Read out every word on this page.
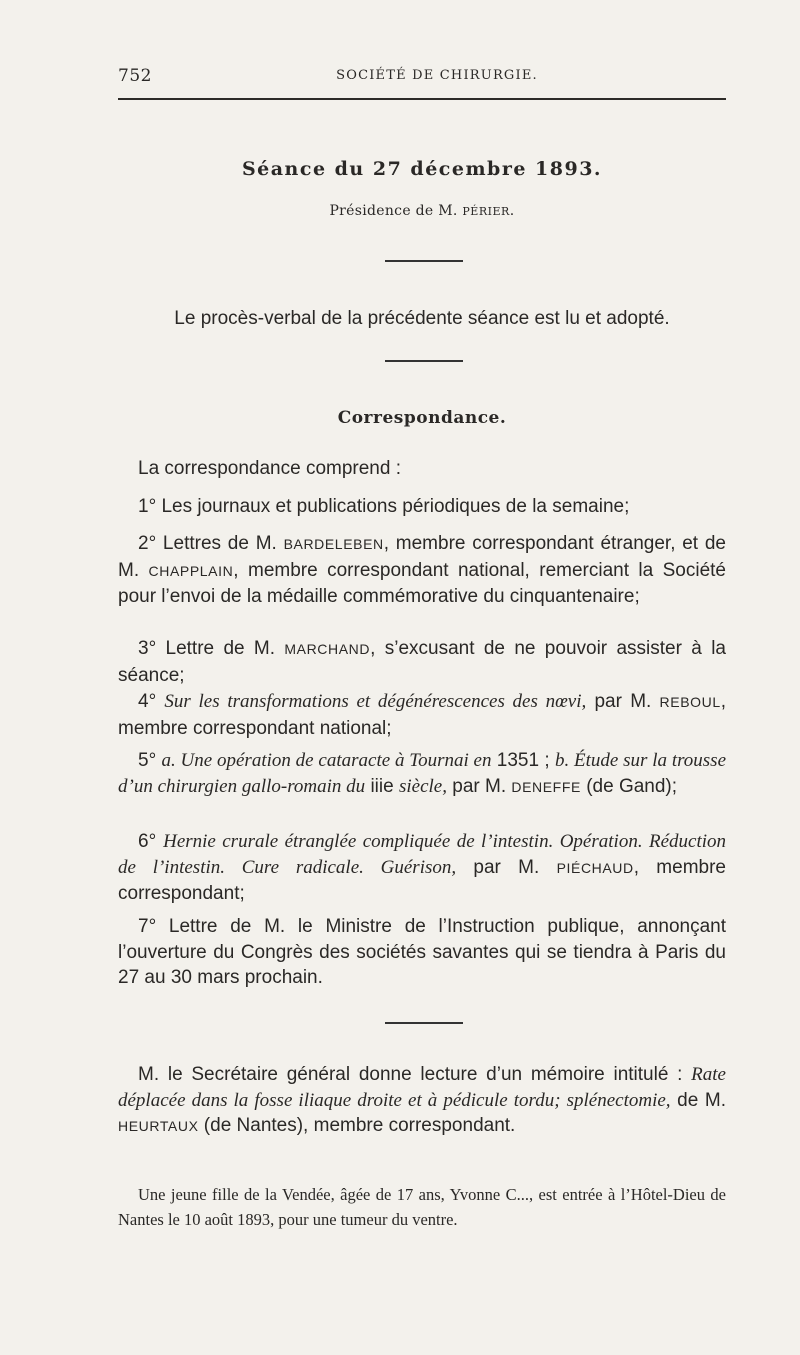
752	SOCIÉTÉ DE CHIRURGIE.
Séance du 27 décembre 1893.
Présidence de M. PÉRIER.
Le procès-verbal de la précédente séance est lu et adopté.
Correspondance.
La correspondance comprend :
1° Les journaux et publications périodiques de la semaine;
2° Lettres de M. BARDELEBEN, membre correspondant étranger, et de M. CHAPPLAIN, membre correspondant national, remerciant la Société pour l’envoi de la médaille commémorative du cinquantenaire;
3° Lettre de M. MARCHAND, s’excusant de ne pouvoir assister à la séance;
4° Sur les transformations et dégénérescences des nœvi, par M. REBOUL, membre correspondant national;
5° a. Une opération de cataracte à Tournai en 1351 ; b. Étude sur la trousse d’un chirurgien gallo-romain du iiie siècle, par M. DENEFFE (de Gand);
6° Hernie crurale étranglée compliquée de l’intestin. Opération. Réduction de l’intestin. Cure radicale. Guérison, par M. PIÉCHAUD, membre correspondant;
7° Lettre de M. le Ministre de l’Instruction publique, annonçant l’ouverture du Congrès des sociétés savantes qui se tiendra à Paris du 27 au 30 mars prochain.
M. le Secrétaire général donne lecture d’un mémoire intitulé : Rate déplacée dans la fosse iliaque droite et à pédicule tordu; splénectomie, de M. HEURTAUX (de Nantes), membre correspondant.
Une jeune fille de la Vendée, âgée de 17 ans, Yvonne C..., est entrée à l’Hôtel-Dieu de Nantes le 10 août 1893, pour une tumeur du ventre.
